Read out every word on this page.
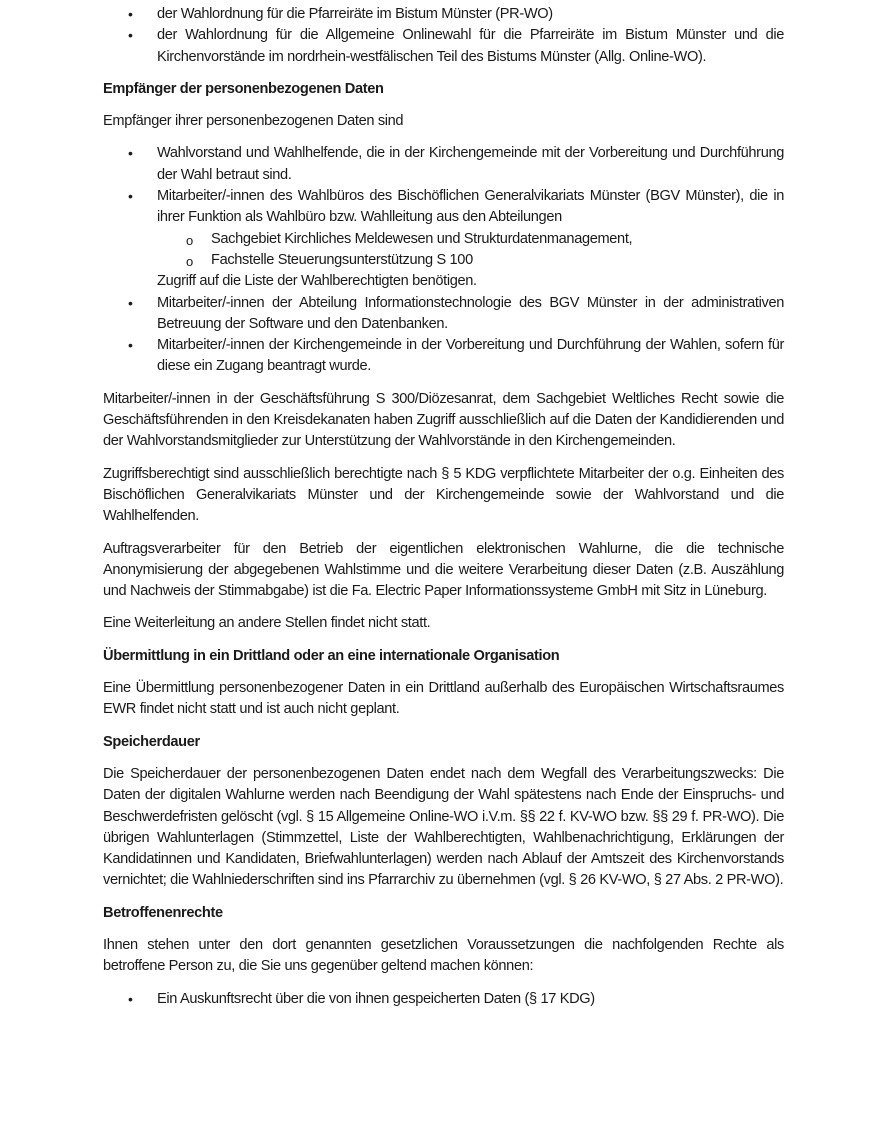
• der Wahlordnung für die Pfarreiräte im Bistum Münster (PR-WO)
• der Wahlordnung für die Allgemeine Onlinewahl für die Pfarreiräte im Bistum Münster und die Kirchenvorstände im nordrhein-westfälischen Teil des Bistums Münster (Allg. Online-WO).
Empfänger der personenbezogenen Daten

Empfänger ihrer personenbezogenen Daten sind

• Wahlvorstand und Wahlhelfende, die in der Kirchengemeinde mit der Vorbereitung und Durchführung der Wahl betraut sind.
• Mitarbeiter/-innen des Wahlbüros des Bischöflichen Generalvikariats Münster (BGV Münster), die in ihrer Funktion als Wahlbüro bzw. Wahlleitung aus den Abteilungen
o Sachgebiet Kirchliches Meldewesen und Strukturdatenmanagement,
o Fachstelle Steuerungsunterstützung S 100
Zugriff auf die Liste der Wahlberechtigten benötigen.
• Mitarbeiter/-innen der Abteilung Informationstechnologie des BGV Münster in der administrativen Betreuung der Software und den Datenbanken.
• Mitarbeiter/-innen der Kirchengemeinde in der Vorbereitung und Durchführung der Wahlen, sofern für diese ein Zugang beantragt wurde.

Mitarbeiter/-innen in der Geschäftsführung S 300/Diözesanrat, dem Sachgebiet Weltliches Recht sowie die Geschäftsführenden in den Kreisdekanaten haben Zugriff ausschließlich auf die Daten der Kandidierenden und der Wahlvorstandsmitglieder zur Unterstützung der Wahlvorstände in den Kirchengemeinden.

Zugriffsberechtigt sind ausschließlich berechtigte nach § 5 KDG verpflichtete Mitarbeiter der o.g. Einheiten des Bischöflichen Generalvikariats Münster und der Kirchengemeinde sowie der Wahlvorstand und die Wahlhelfenden.

Auftragsverarbeiter für den Betrieb der eigentlichen elektronischen Wahlurne, die die technische Anonymisierung der abgegebenen Wahlstimme und die weitere Verarbeitung dieser Daten (z.B. Auszählung und Nachweis der Stimmabgabe) ist die Fa. Electric Paper Informationssysteme GmbH mit Sitz in Lüneburg.

Eine Weiterleitung an andere Stellen findet nicht statt.

Übermittlung in ein Drittland oder an eine internationale Organisation

Eine Übermittlung personenbezogener Daten in ein Drittland außerhalb des Europäischen Wirtschaftsraumes EWR findet nicht statt und ist auch nicht geplant.

Speicherdauer

Die Speicherdauer der personenbezogenen Daten endet nach dem Wegfall des Verarbeitungszwecks: Die Daten der digitalen Wahlurne werden nach Beendigung der Wahl spätestens nach Ende der Einspruchs- und Beschwerdefristen gelöscht (vgl. § 15 Allgemeine Online-WO i.V.m. §§ 22 f. KV-WO bzw. §§ 29 f. PR-WO). Die übrigen Wahlunterlagen (Stimmzettel, Liste der Wahlberechtigten, Wahlbenachrichtigung, Erklärungen der Kandidatinnen und Kandidaten, Briefwahlunterlagen) werden nach Ablauf der Amtszeit des Kirchenvorstands vernichtet; die Wahlniederschriften sind ins Pfarrarchiv zu übernehmen (vgl. § 26 KV-WO, § 27 Abs. 2 PR-WO).

Betroffenenrechte

Ihnen stehen unter den dort genannten gesetzlichen Voraussetzungen die nachfolgenden Rechte als betroffene Person zu, die Sie uns gegenüber geltend machen können:

• Ein Auskunftsrecht über die von ihnen gespeicherten Daten (§ 17 KDG)
